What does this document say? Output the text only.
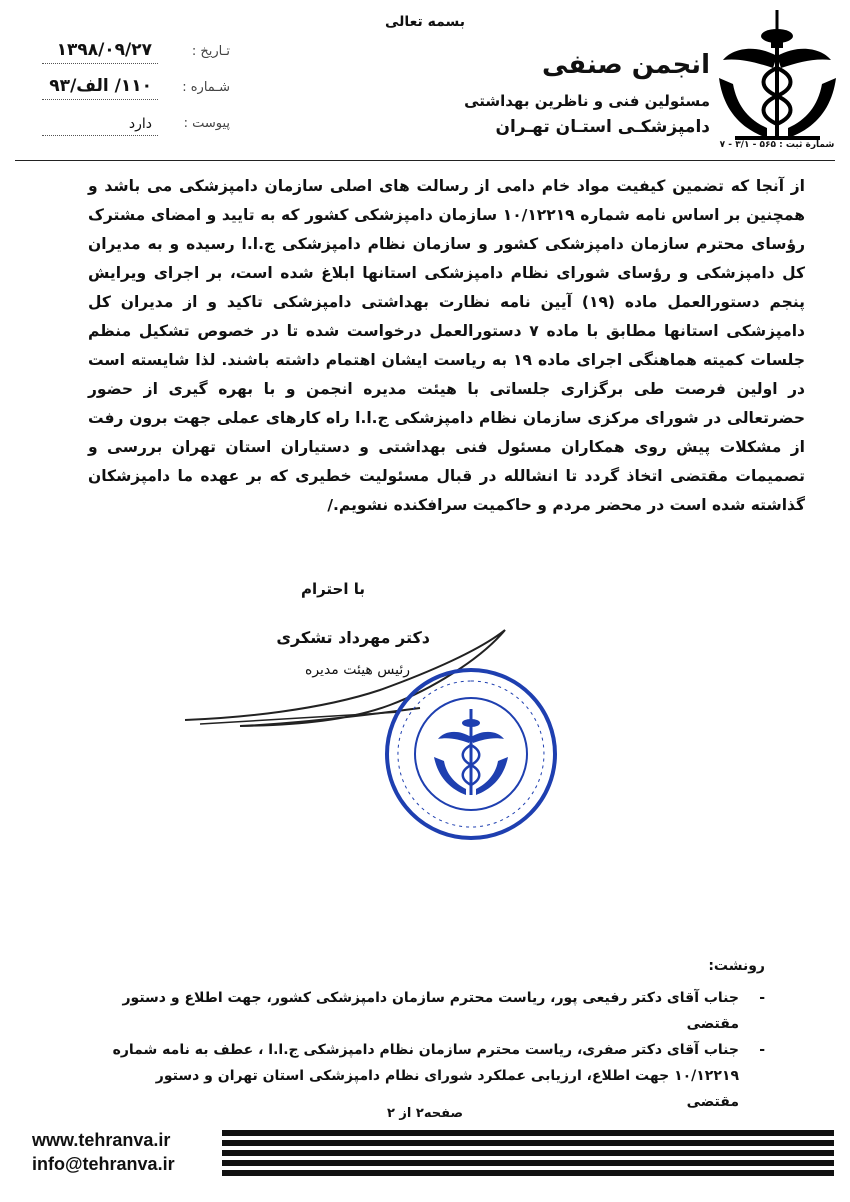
بسمه تعالی
انجمن صنفی
مسئولین فنی و ناظرین بهداشتی
دامپزشکـی استـان تهـران
شمارة ثبت : ۵۶۵ - ۳/۱ - ۷
تـاریخ :
۱۳۹۸/۰۹/۲۷
شـماره :
۱۱۰/ الف/۹۳
پیوست :
دارد

از آنجا که تضمین کیفیت مواد خام دامی از رسالت های اصلی سازمان دامپزشکی می باشد و همچنین بر اساس نامه شماره ۱۰/۱۲۲۱۹ سازمان دامپزشکی کشور که به تایید و امضای مشترک رؤسای محترم سازمان دامپزشکی کشور و سازمان نظام دامپزشکی ج.ا.ا رسیده و به مدیران کل دامپزشکی و رؤسای شورای نظام دامپزشکی استانها ابلاغ شده است، بر اجرای ویرایش پنجم دستورالعمل ماده (۱۹) آیین نامه نظارت بهداشتی دامپزشکی تاکید و از مدیران کل دامپزشکی استانها مطابق با ماده ۷ دستورالعمل درخواست شده تا در خصوص تشکیل منظم جلسات کمیته هماهنگی اجرای ماده ۱۹ به ریاست ایشان اهتمام داشته باشند. لذا شایسته است در اولین فرصت طی برگزاری جلساتی با هیئت مدیره انجمن و با بهره گیری از حضور حضرتعالی در شورای مرکزی سازمان نظام دامپزشکی ج.ا.ا راه کارهای عملی جهت برون رفت از مشکلات پیش روی همکاران مسئول فنی بهداشتی و دستیاران استان تهران بررسی و تصمیمات مقتضی اتخاذ گردد تا انشالله در قبال مسئولیت خطیری که بر عهده ما دامپزشکان گذاشته شده است در محضر مردم و حاکمیت سرافکنده نشویم./

با احترام
دکتر مهرداد تشکری
رئیس هیئت مدیره
رونشت:
-
جناب آقای دکتر رفیعی پور، ریاست محترم سازمان دامپزشکی کشور، جهت اطلاع و دستور مقتضی
-
جناب آقای دکتر صفری، ریاست محترم سازمان نظام دامپزشکی ج.ا.ا ، عطف به نامه شماره ۱۰/۱۲۲۱۹ جهت اطلاع، ارزیابی عملکرد شورای نظام دامپزشکی استان تهران و دستور مقتضی
صفحه۲ از ۲
www.tehranva.ir
info@tehranva.ir
